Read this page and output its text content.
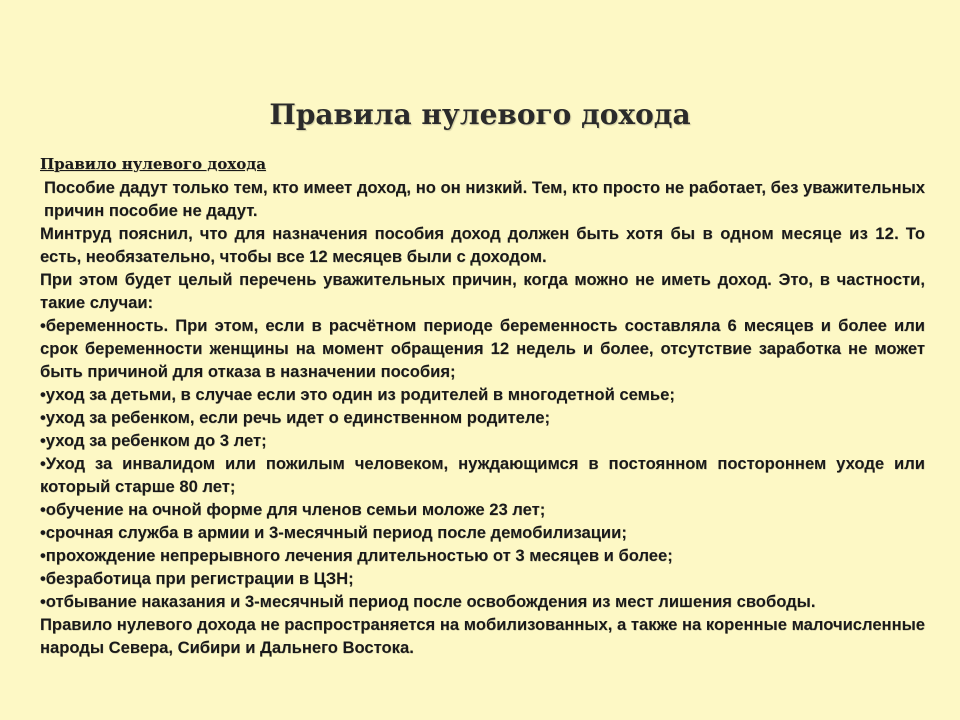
Правила нулевого дохода

Правило нулевого дохода

Пособие дадут только тем, кто имеет доход, но он низкий. Тем, кто просто не работает, без уважительных причин пособие не дадут.

Минтруд пояснил, что для назначения пособия доход должен быть хотя бы в одном месяце из 12. То есть, необязательно, чтобы все 12 месяцев были с доходом.

При этом будет целый перечень уважительных причин, когда можно не иметь доход. Это, в частности, такие случаи:

•беременность. При этом, если в расчётном периоде беременность составляла 6 месяцев и более или срок беременности женщины на момент обращения 12 недель и более, отсутствие заработка не может быть причиной для отказа в назначении пособия;

•уход за детьми, в случае если это один из родителей в многодетной семье;

•уход за ребенком, если речь идет о единственном родителе;

•уход за ребенком до 3 лет;

•Уход за инвалидом или пожилым человеком, нуждающимся в постоянном постороннем уходе или который старше 80 лет;

•обучение на очной форме для членов семьи моложе 23 лет;

•срочная служба в армии и 3-месячный период после демобилизации;

•прохождение непрерывного лечения длительностью от 3 месяцев и более;

•безработица при регистрации в ЦЗН;

•отбывание наказания и 3-месячный период после освобождения из мест лишения свободы.

Правило нулевого дохода не распространяется на мобилизованных, а также на коренные малочисленные народы Севера, Сибири и Дальнего Востока.
